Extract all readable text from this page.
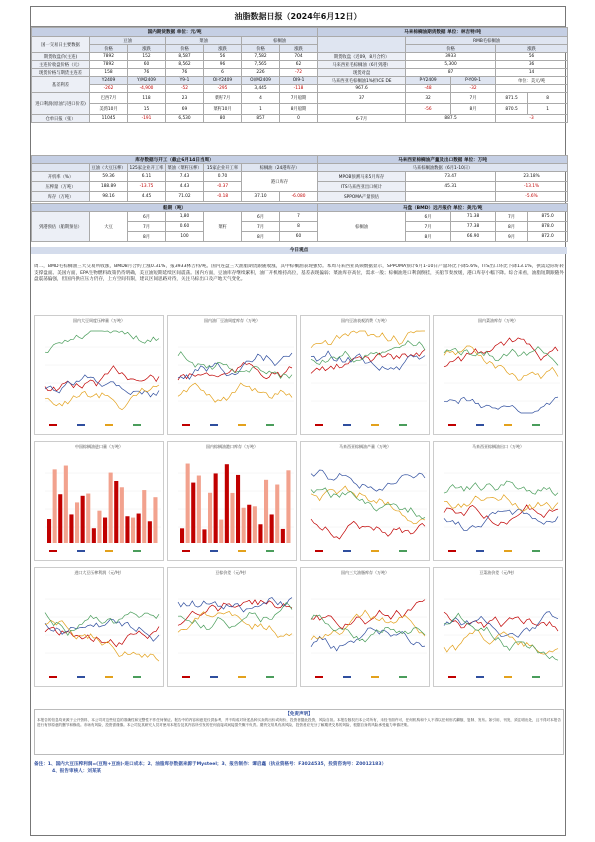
油脂数据日报（2024年6月12日）
国内期货数据 单位：元/吨							马来棕榈油期货数据 单位：林吉特/吨				
国一交易日主要数据	豆油		菜油		棕榈油			RMB毛棕榈油			
	价格	涨跌	价格	涨跌	价格	涨跌		价格		涨跌	
期货收盘价(主连)	7892	152	8,587	56	7,582	704	期货收盘（近09，8月合约）	3933		56	
主连价收盘价格（元）	7892	60	8,562	96	7,565	62	马来西亚毛棕榈油（6月到港）	5,300		36	
现货价格与期货主连差	158	76	76	6	226	-72	现货对盘	87		14	
基差利差	Y2409	Y/M2409	Y9-1	OI-Y2409	OI/M2409	OI9-1	马来西亚毛棕榈油1%折ICE DE	P-Y2409	P-Y09-1	单位：美元/吨	
	-262	-4,900	-52	-295	3,445	-118	967.6	-48	-32		
进口利润(原油与进口价差)	巴西7月	118	23	菜籽7月	4	7月船期	37	32	7月	871.5	8
	美湾10月	15	69	菜籽10月	1	8月船期		-56	8月	870.5	1
仓单日报（张）	11045	-191	6,530	80	857	0	6-7月	887.5		-3	
库存数据与开工（截止6月14日当周）							马来西亚棕榈油产量及出口数据 单位：万吨		
	豆油（大豆压榨）	125家企业开工率	菜油（菜籽压榨）	15家企业开工率	棕榈油（24港库存）		马来棕榈油数据（6月1-10日）		
开机率（%）	59.36	6.11	7.43	0.70	港口库存		MPOB预测马来5月库存	73.47	23.18%
压榨量（万吨）	188.89	-13.75	4.43	-0.37			ITS马来西亚出口统计	45.31	-13.1%
库存（万吨）	98.16	4.45	71.02	-0.18	37.10	-6.080	SPPOMA产量预估		-5.6%
船期（吨）							马盘（BMD）远月报价 单位：美元/吨				
到港预估（船期预估）	大豆	6月	1,80	菜籽	6月	7	棕榈油	6月	71.38	7月	875.0
		7月	0.60		7月	8		7月	77.38	8月	878.0
		8月	100		8月	60		8月	66.90	9月	872.0
今日观点
周二，BMD毛棕榈油三大交易所收涨，BMD8月合约上涨0.31%，报3933林吉特/吨。国内连盘三大油脂期货跟随收涨，其中棕榈油表现强势。本周马来西亚高频数据显示，SPPOMA预计6月1-10日产量环比下降5.6%，ITS出口环比下降13.1%，供需边际好转支撑盘面。美国方面，EPA生物燃料政策仍待明确，美豆油短期延续区间震荡。国内方面，豆油库存继续累积，油厂开机维持高位，基差表现偏弱；菜油库存高位，需求一般；棕榈油进口利润倒挂，买船节奏放缓，港口库存小幅下降。综合来看，油脂短期跟随外盘震荡偏强，但国内供应压力仍存，上方空间有限，建议区间思路对待，关注马棕出口及产地天气变化。
国内大豆周度压榨量（万吨）	国内油厂豆油周度库存（万吨）	国内豆油表观消费（万吨）	国内菜油库存（万吨）
中国棕榈油进口量（万吨）	国内棕榈油港口库存（万吨）	马来西亚棕榈油产量（万吨）	马来西亚棕榈油出口（万吨）
进口大豆压榨利润（元/吨）	豆棕价差（元/吨）	国内三大油脂库存（万吨）	豆菜油价差（元/吨）
【免责声明】
本报告的信息均来源于公开资料，本公司对这些信息的准确性和完整性不作任何保证。报告中的内容和意见仅供参考，并不构成对所述品种买卖的出价或询价，投资者据此投资，风险自担。本报告版权归本公司所有，未经书面许可，任何机构和个人不得以任何形式翻版、复制、发布。如引用、刊发，须注明出处，且不得对本报告进行有悖原意的删节和修改。市场有风险，投资需谨慎。本公司及其研究人员对使用本报告及其内容所引发的任何直接或间接损失概不负责。期货交易具有高风险，投资者应充分了解期货交易的风险，根据自身的风险承受能力审慎决策。
备注：1、国内大豆压榨利润=(豆粕+豆油)-进口成本；2、油脂库存数据来源于Mysteel；3、报告制作：谭启鑫（执业资格号：F3024535，投资咨询号：Z0012183）
4、报告审核人：刘某某
